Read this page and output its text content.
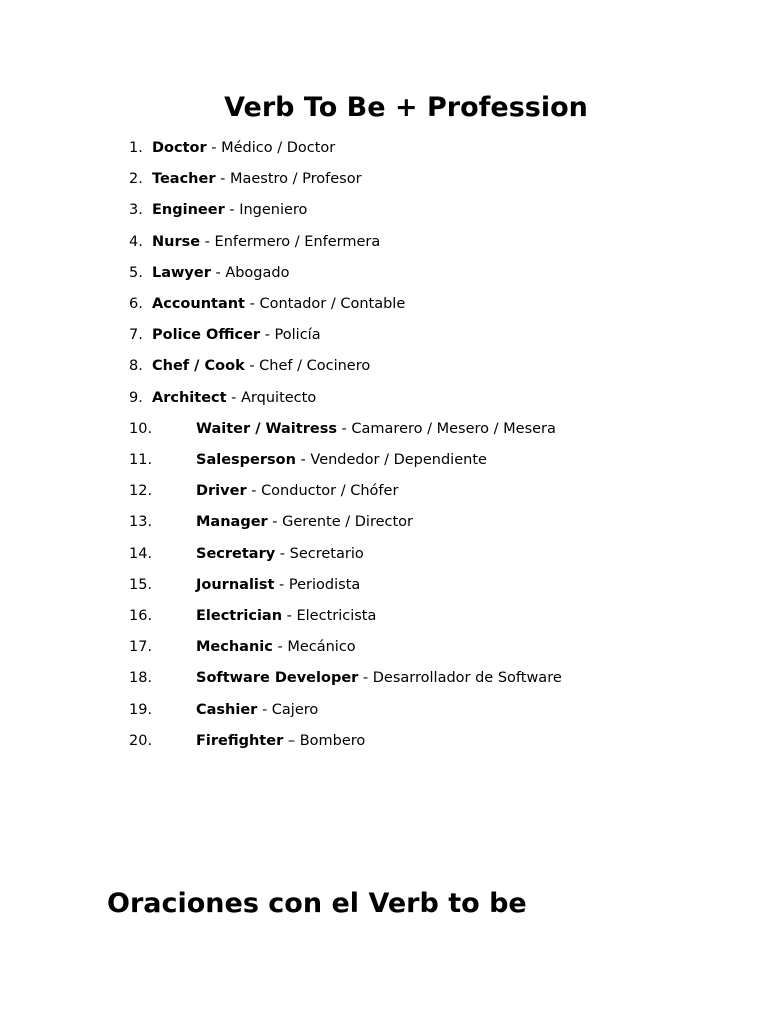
Verb To Be + Profession
1. Doctor - Médico / Doctor
2. Teacher - Maestro / Profesor
3. Engineer - Ingeniero
4. Nurse - Enfermero / Enfermera
5. Lawyer - Abogado
6. Accountant - Contador / Contable
7. Police Officer - Policía
8. Chef / Cook - Chef / Cocinero
9. Architect - Arquitecto
10.	Waiter / Waitress - Camarero / Mesero / Mesera
11.	Salesperson - Vendedor / Dependiente
12.	Driver - Conductor / Chófer
13.	Manager - Gerente / Director
14.	Secretary - Secretario
15.	Journalist - Periodista
16.	Electrician - Electricista
17.	Mechanic - Mecánico
18.	Software Developer - Desarrollador de Software
19.	Cashier - Cajero
20.	Firefighter – Bombero
Oraciones con el Verb to be
